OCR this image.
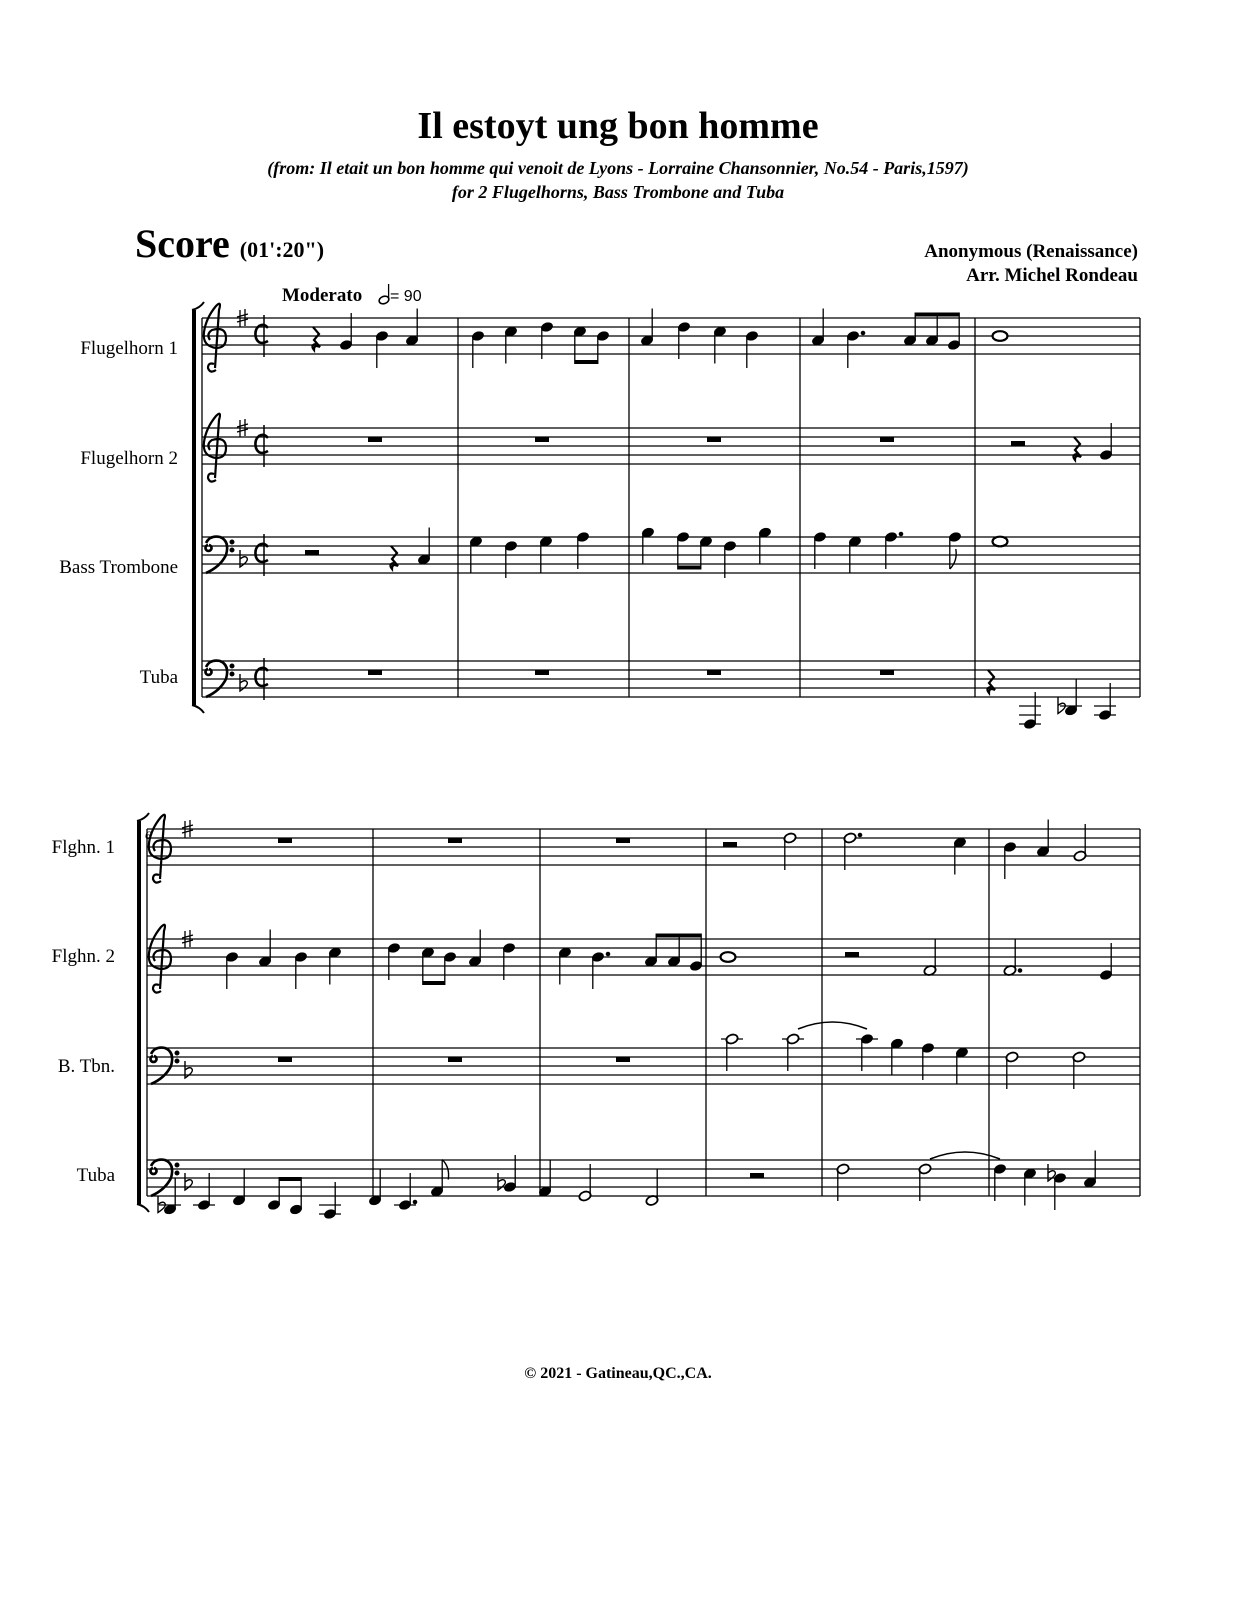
Il estoyt ung bon homme
(from: Il etait un bon homme qui venoit de Lyons - Lorraine Chansonnier, No.54 - Paris,1597)
for 2 Flugelhorns, Bass Trombone and Tuba
Score (01':20")	Anonymous (Renaissance)
Arr. Michel Rondeau
Moderato = 90
Flugelhorn 1
Flugelhorn 2
Bass Trombone
Tuba
Flghn. 1
Flghn. 2
B. Tbn.
Tuba
6
© 2021 - Gatineau,QC.,CA.
